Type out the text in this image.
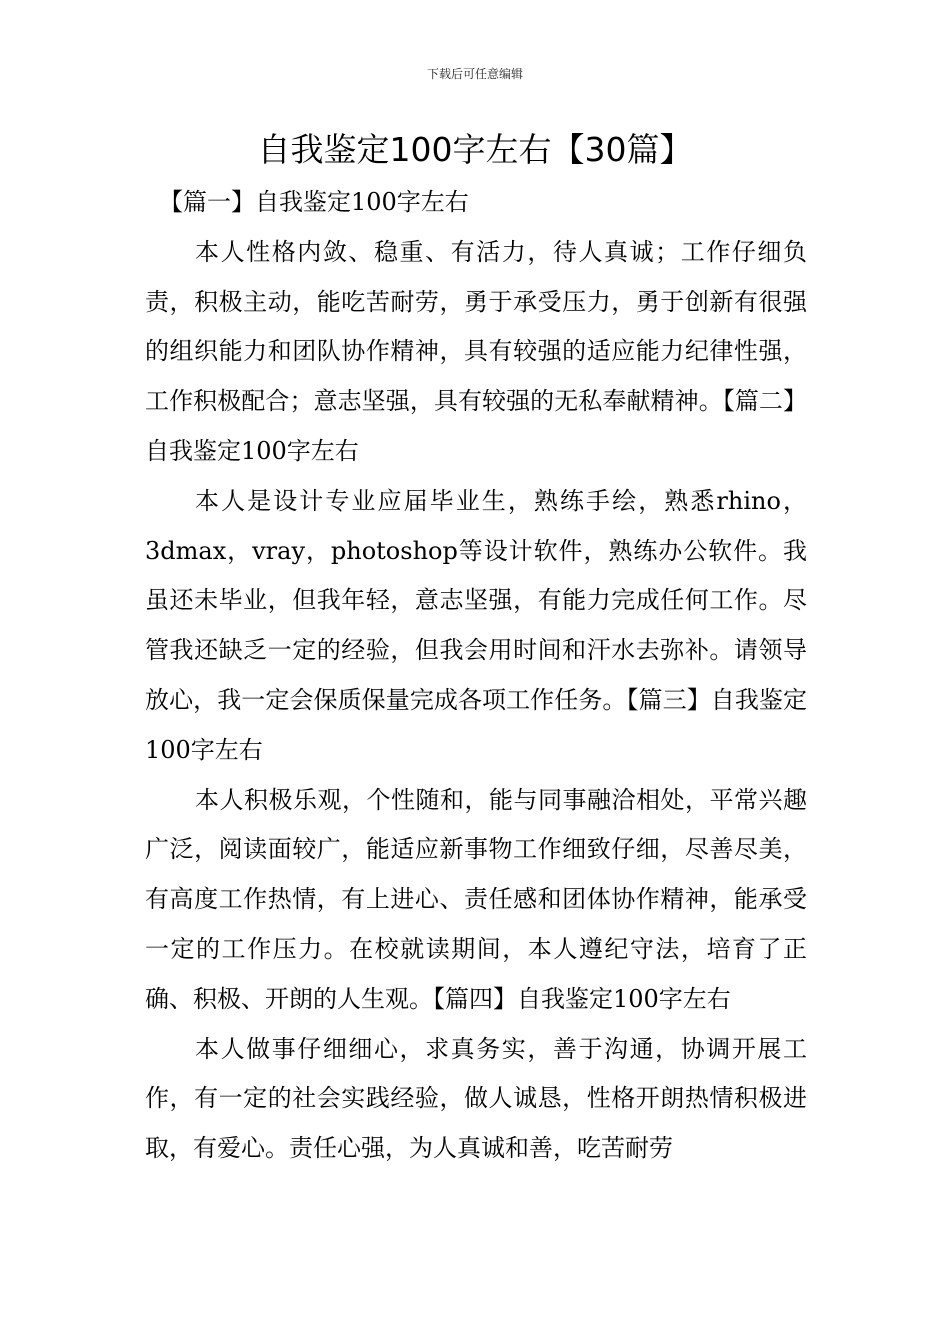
下载后可任意编辑
自我鉴定100字左右【30篇】

【篇一】自我鉴定100字左右

本人性格内敛、稳重、有活力，待人真诚；工作仔细负责，积极主动，能吃苦耐劳，勇于承受压力，勇于创新有很强的组织能力和团队协作精神，具有较强的适应能力纪律性强，工作积极配合；意志坚强，具有较强的无私奉献精神。【篇二】自我鉴定100字左右

本人是设计专业应届毕业生，熟练手绘，熟悉rhino，3dmax，vray，photoshop等设计软件，熟练办公软件。我虽还未毕业，但我年轻，意志坚强，有能力完成任何工作。尽管我还缺乏一定的经验，但我会用时间和汗水去弥补。请领导放心，我一定会保质保量完成各项工作任务。【篇三】自我鉴定100字左右

本人积极乐观，个性随和，能与同事融洽相处，平常兴趣广泛，阅读面较广，能适应新事物工作细致仔细，尽善尽美，有高度工作热情，有上进心、责任感和团体协作精神，能承受一定的工作压力。在校就读期间，本人遵纪守法，培育了正确、积极、开朗的人生观。【篇四】自我鉴定100字左右

本人做事仔细细心，求真务实，善于沟通，协调开展工作，有一定的社会实践经验，做人诚恳，性格开朗热情积极进取，有爱心。责任心强，为人真诚和善，吃苦耐劳
